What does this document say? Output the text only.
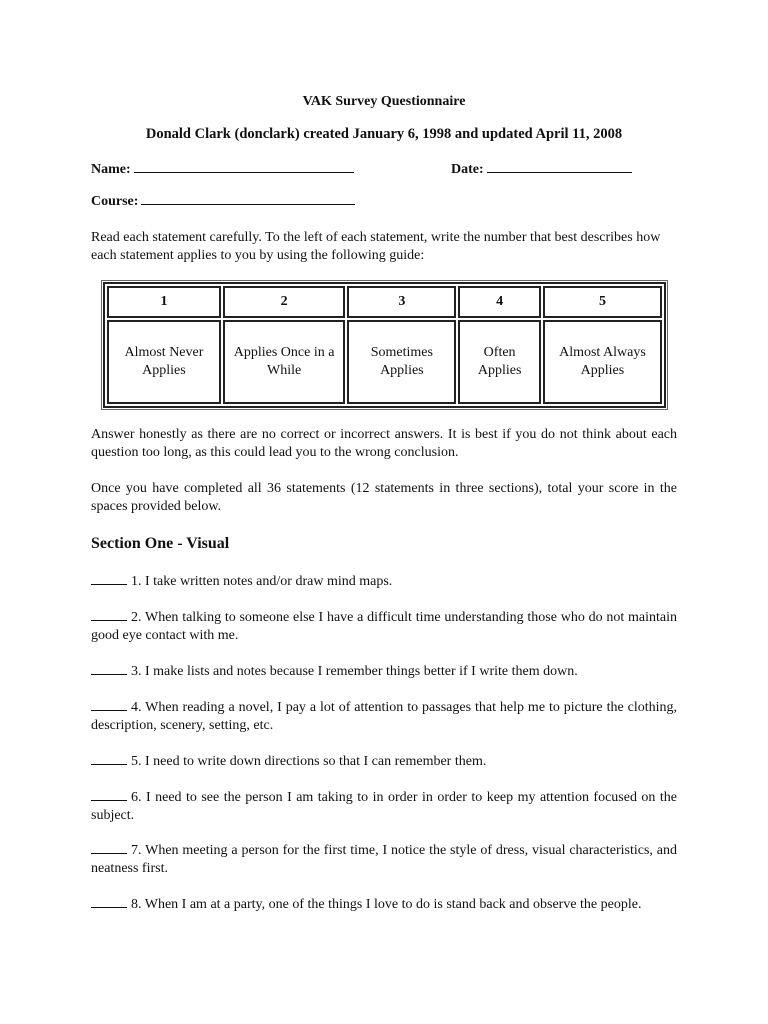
VAK Survey Questionnaire
Donald Clark (donclark) created January 6, 1998 and updated April 11, 2008
Name:	Date:
Course:

Read each statement carefully. To the left of each statement, write the number that best describes how each statement applies to you by using the following guide:

1	2	3	4	5
Almost Never Applies	Applies Once in a While	Sometimes Applies	Often Applies	Almost Always Applies

Answer honestly as there are no correct or incorrect answers. It is best if you do not think about each question too long, as this could lead you to the wrong conclusion.

Once you have completed all 36 statements (12 statements in three sections), total your score in the spaces provided below.

Section One - Visual

1. I take written notes and/or draw mind maps.

2. When talking to someone else I have a difficult time understanding those who do not maintain good eye contact with me.

3. I make lists and notes because I remember things better if I write them down.

4. When reading a novel, I pay a lot of attention to passages that help me to picture the clothing, description, scenery, setting, etc.

5. I need to write down directions so that I can remember them.

6. I need to see the person I am taking to in order in order to keep my attention focused on the subject.

7. When meeting a person for the first time, I notice the style of dress, visual characteristics, and neatness first.

8. When I am at a party, one of the things I love to do is stand back and observe the people.
